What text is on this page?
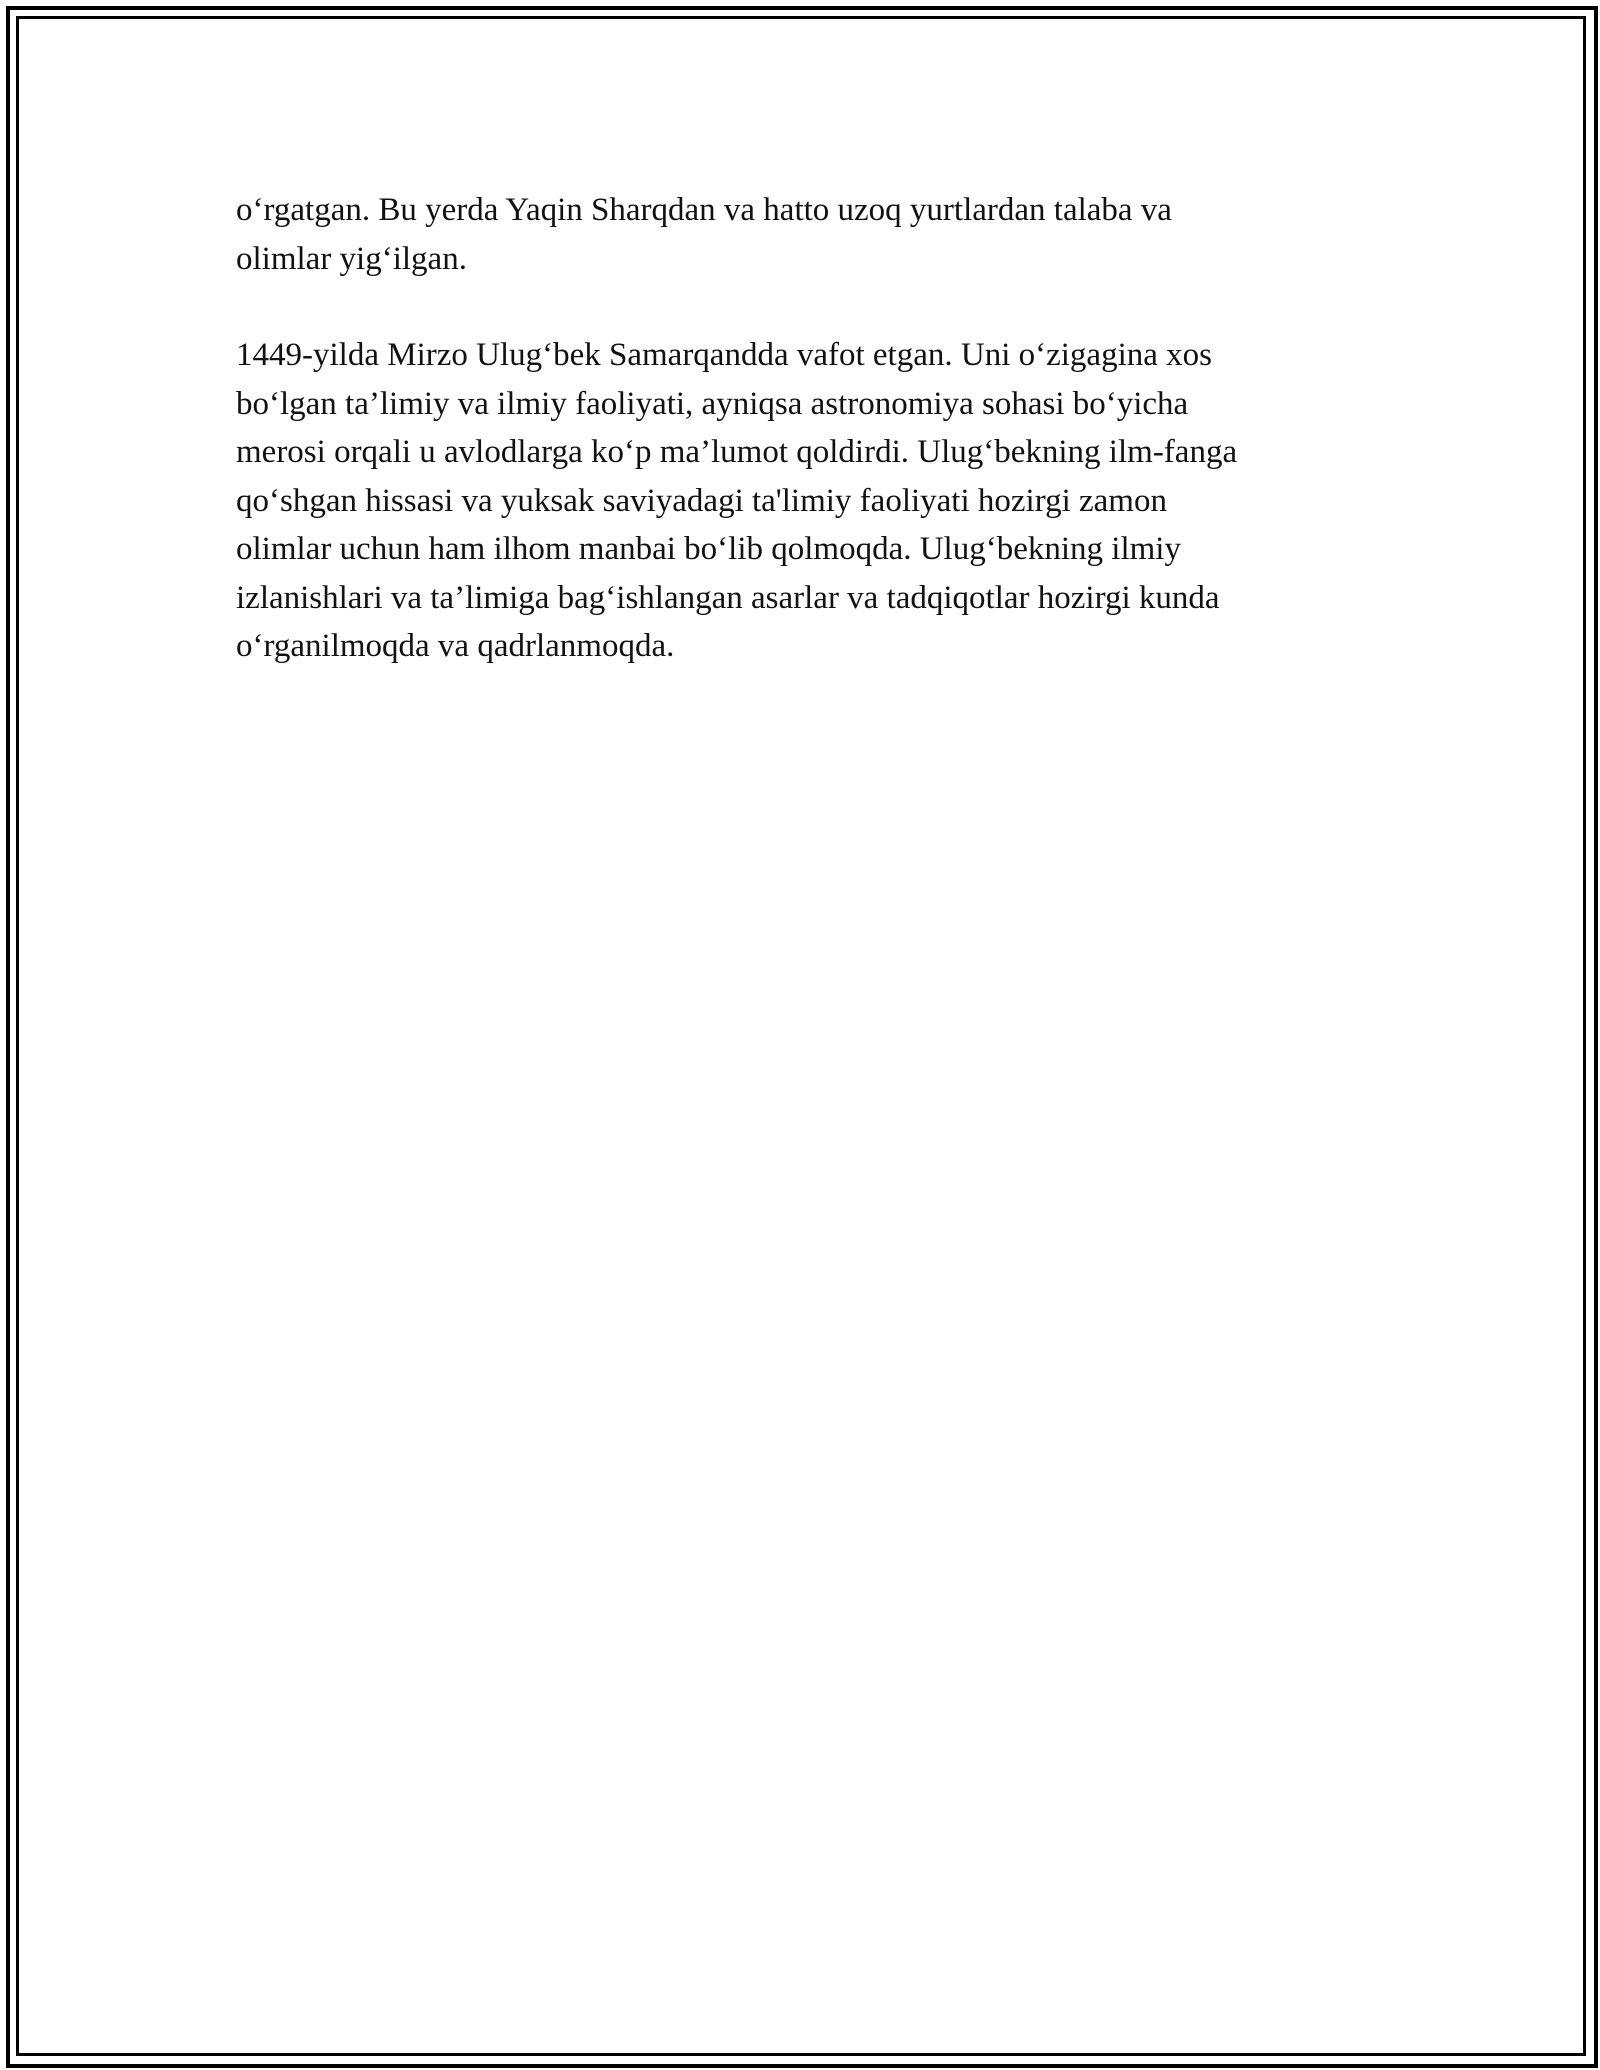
o‘rgatgan. Bu yerda Yaqin Sharqdan va hatto uzoq yurtlardan talaba va
olimlar yig‘ilgan.

1449-yilda Mirzo Ulug‘bek Samarqandda vafot etgan. Uni o‘zigagina xos
bo‘lgan ta’limiy va ilmiy faoliyati, ayniqsa astronomiya sohasi bo‘yicha
merosi orqali u avlodlarga ko‘p ma’lumot qoldirdi. Ulug‘bekning ilm-fanga
qo‘shgan hissasi va yuksak saviyadagi ta'limiy faoliyati hozirgi zamon
olimlar uchun ham ilhom manbai bo‘lib qolmoqda. Ulug‘bekning ilmiy
izlanishlari va ta’limiga bag‘ishlangan asarlar va tadqiqotlar hozirgi kunda
o‘rganilmoqda va qadrlanmoqda.
